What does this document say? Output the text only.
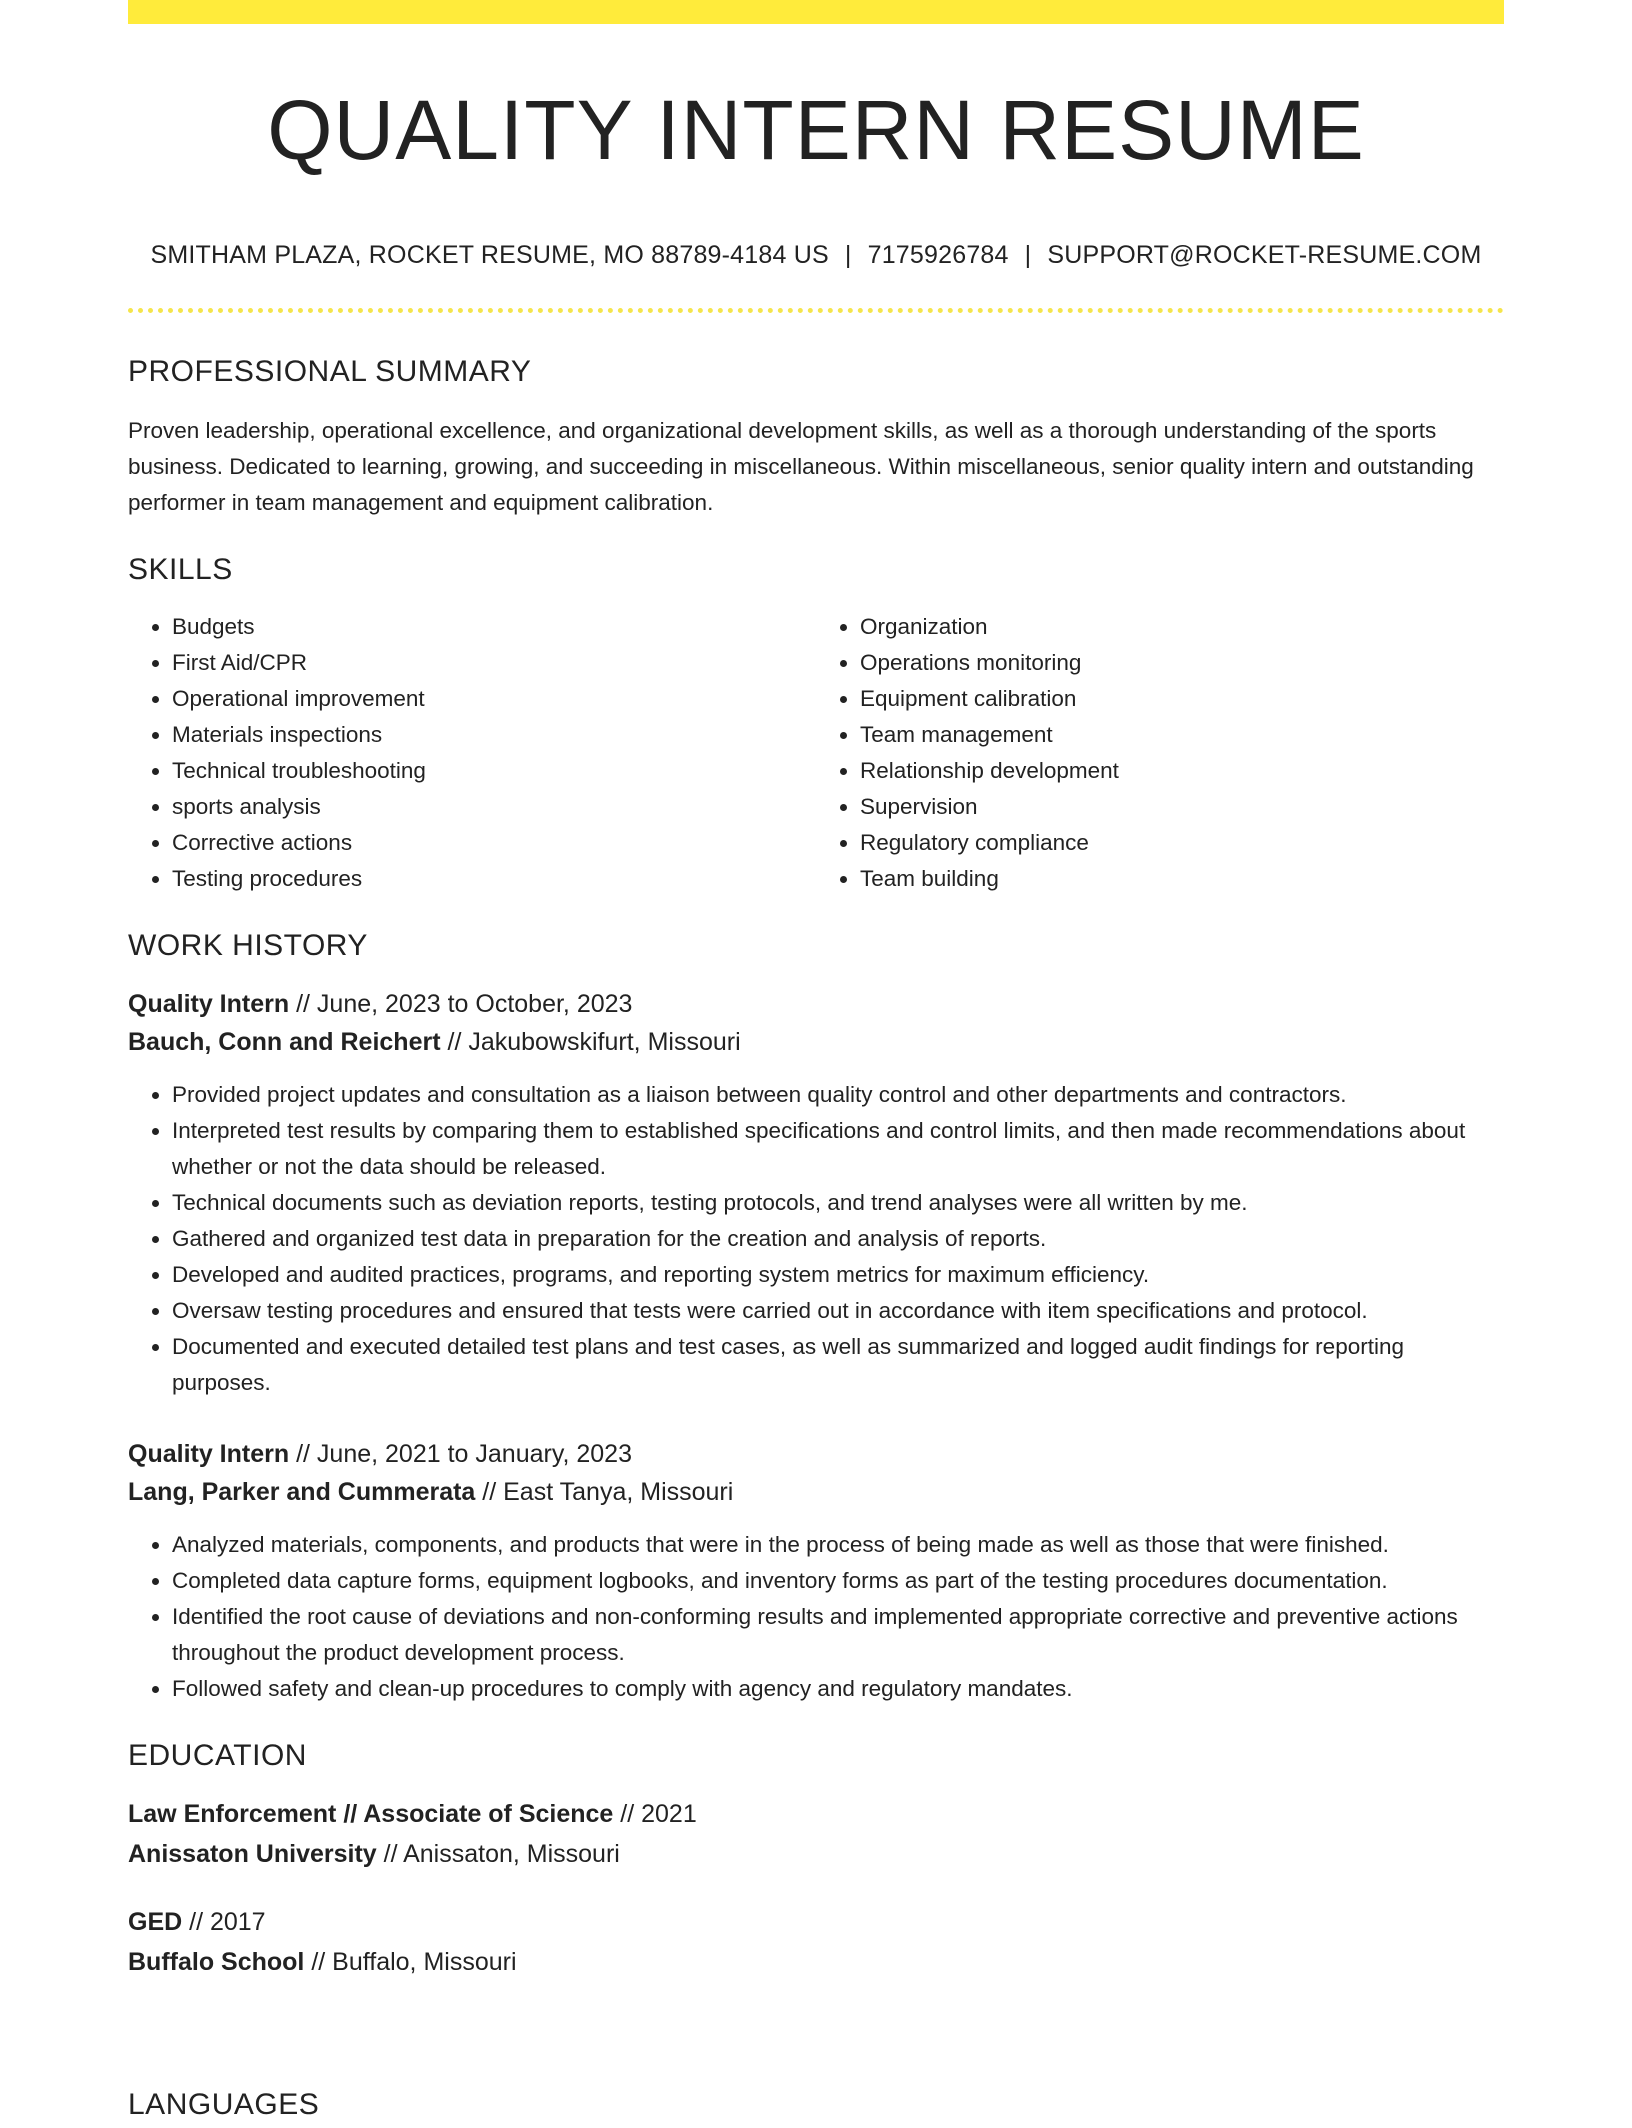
QUALITY INTERN RESUME
SMITHAM PLAZA, ROCKET RESUME, MO 88789-4184 US | 7175926784 | SUPPORT@ROCKET-RESUME.COM
PROFESSIONAL SUMMARY

Proven leadership, operational excellence, and organizational development skills, as well as a thorough understanding of the sports business. Dedicated to learning, growing, and succeeding in miscellaneous. Within miscellaneous, senior quality intern and outstanding performer in team management and equipment calibration.

SKILLS
• Budgets
• First Aid/CPR
• Operational improvement
• Materials inspections
• Technical troubleshooting
• sports analysis
• Corrective actions
• Testing procedures
• Organization
• Operations monitoring
• Equipment calibration
• Team management
• Relationship development
• Supervision
• Regulatory compliance
• Team building
WORK HISTORY
Quality Intern // June, 2023 to October, 2023
Bauch, Conn and Reichert // Jakubowskifurt, Missouri
• Provided project updates and consultation as a liaison between quality control and other departments and contractors.
• Interpreted test results by comparing them to established specifications and control limits, and then made recommendations about whether or not the data should be released.
• Technical documents such as deviation reports, testing protocols, and trend analyses were all written by me.
• Gathered and organized test data in preparation for the creation and analysis of reports.
• Developed and audited practices, programs, and reporting system metrics for maximum efficiency.
• Oversaw testing procedures and ensured that tests were carried out in accordance with item specifications and protocol.
• Documented and executed detailed test plans and test cases, as well as summarized and logged audit findings for reporting purposes.
Quality Intern // June, 2021 to January, 2023
Lang, Parker and Cummerata // East Tanya, Missouri
• Analyzed materials, components, and products that were in the process of being made as well as those that were finished.
• Completed data capture forms, equipment logbooks, and inventory forms as part of the testing procedures documentation.
• Identified the root cause of deviations and non-conforming results and implemented appropriate corrective and preventive actions throughout the product development process.
• Followed safety and clean-up procedures to comply with agency and regulatory mandates.
EDUCATION
Law Enforcement // Associate of Science // 2021
Anissaton University // Anissaton, Missouri
GED // 2017
Buffalo School // Buffalo, Missouri
LANGUAGES
